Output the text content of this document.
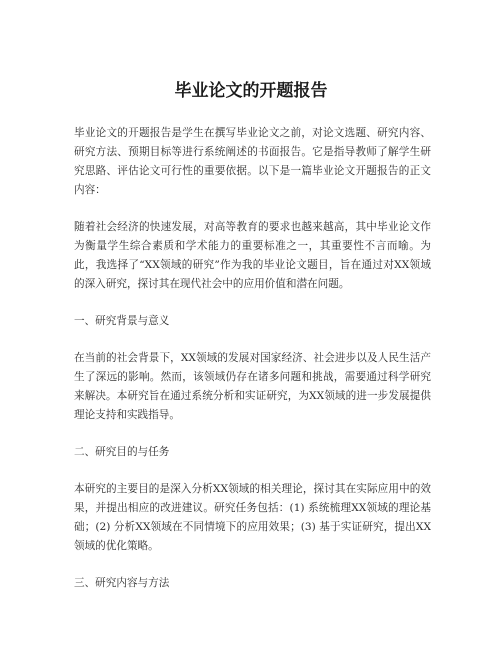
毕业论文的开题报告

毕业论文的开题报告是学生在撰写毕业论文之前，对论文选题、研究内容、研究方法、预期目标等进行系统阐述的书面报告。它是指导教师了解学生研究思路、评估论文可行性的重要依据。以下是一篇毕业论文开题报告的正文内容：

随着社会经济的快速发展，对高等教育的要求也越来越高，其中毕业论文作为衡量学生综合素质和学术能力的重要标准之一，其重要性不言而喻。为此，我选择了“XX领域的研究”作为我的毕业论文题目，旨在通过对XX领域的深入研究，探讨其在现代社会中的应用价值和潜在问题。

一、研究背景与意义

在当前的社会背景下，XX领域的发展对国家经济、社会进步以及人民生活产生了深远的影响。然而，该领域仍存在诸多问题和挑战，需要通过科学研究来解决。本研究旨在通过系统分析和实证研究，为XX领域的进一步发展提供理论支持和实践指导。

二、研究目的与任务

本研究的主要目的是深入分析XX领域的相关理论，探讨其在实际应用中的效果，并提出相应的改进建议。研究任务包括：(1) 系统梳理XX领域的理论基础；(2) 分析XX领域在不同情境下的应用效果；(3) 基于实证研究，提出XX领域的优化策略。

三、研究内容与方法
